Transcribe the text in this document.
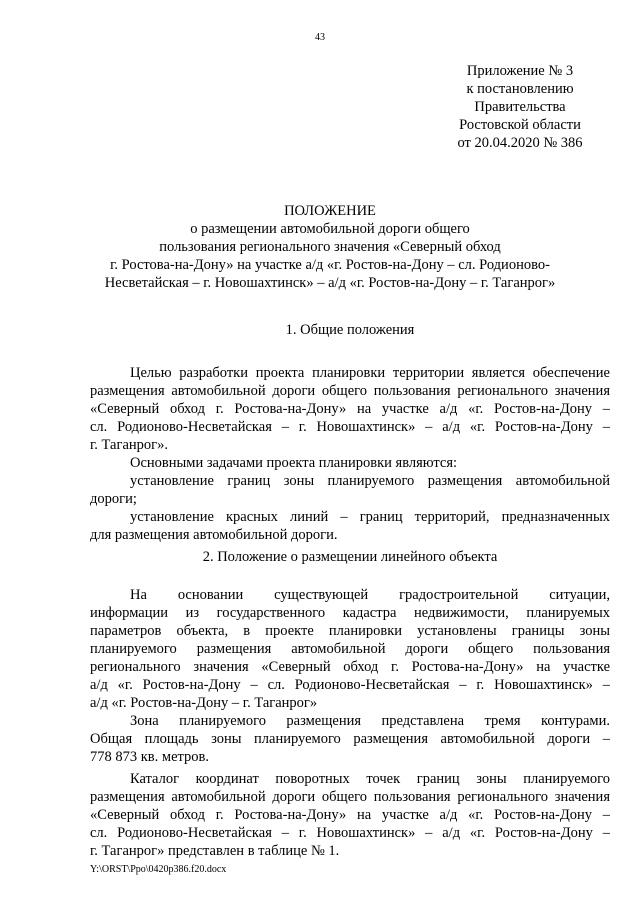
43
Приложение № 3
к постановлению
Правительства
Ростовской области
от 20.04.2020 № 386
ПОЛОЖЕНИЕ
о размещении автомобильной дороги общего
пользования регионального значения «Северный обход
г. Ростова-на-Дону» на участке а/д «г. Ростов-на-Дону – сл. Родионово-
Несветайская – г. Новошахтинск» – а/д «г. Ростов-на-Дону – г. Таганрог»
1. Общие положения
Целью разработки проекта планировки территории является обеспечение
размещения автомобильной дороги общего пользования регионального значения
«Северный обход г. Ростова-на-Дону» на участке а/д «г. Ростов-на-Дону –
сл. Родионово-Несветайская – г. Новошахтинск» – а/д «г. Ростов-на-Дону –
г. Таганрог».
Основными задачами проекта планировки являются:
установление границ зоны планируемого размещения автомобильной
дороги;
установление красных линий – границ территорий, предназначенных
для размещения автомобильной дороги.
2. Положение о размещении линейного объекта
На основании существующей градостроительной ситуации,
информации из государственного кадастра недвижимости, планируемых
параметров объекта, в проекте планировки установлены границы зоны
планируемого размещения автомобильной дороги общего пользования
регионального значения «Северный обход г. Ростова-на-Дону» на участке
а/д «г. Ростов-на-Дону – сл. Родионово-Несветайская – г. Новошахтинск» –
а/д «г. Ростов-на-Дону – г. Таганрог»
Зона планируемого размещения представлена тремя контурами.
Общая площадь зоны планируемого размещения автомобильной дороги –
778 873 кв. метров.
Каталог координат поворотных точек границ зоны планируемого
размещения автомобильной дороги общего пользования регионального значения
«Северный обход г. Ростова-на-Дону» на участке а/д «г. Ростов-на-Дону –
сл. Родионово-Несветайская – г. Новошахтинск» – а/д «г. Ростов-на-Дону –
г. Таганрог» представлен в таблице № 1.
Y:\ORST\Ppo\0420p386.f20.docx
